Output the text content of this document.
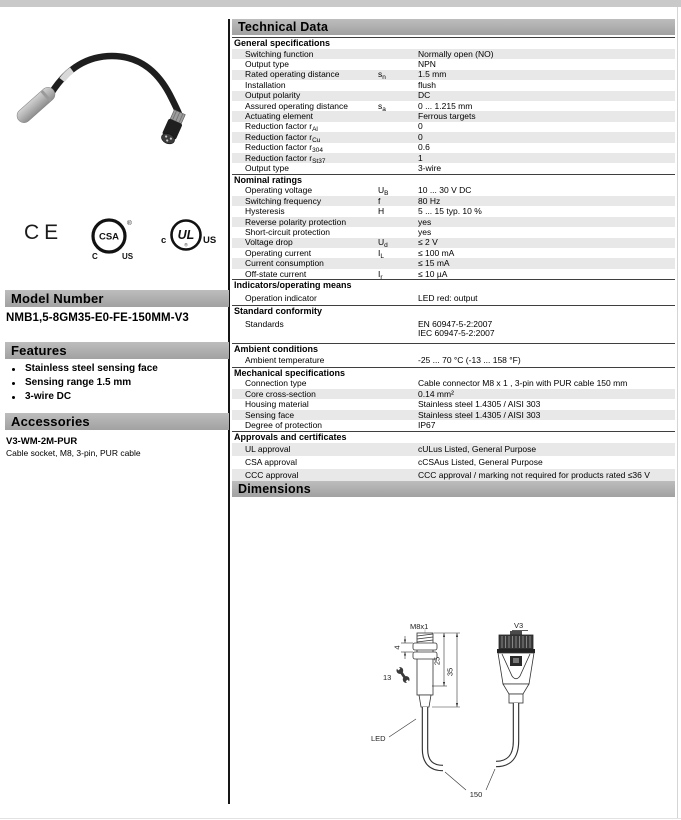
CE	CSA
®
C	US
UL
®
c	US
Model Number
NMB1,5-8GM35-E0-FE-150MM-V3
Features
Stainless steel sensing face
Sensing range 1.5 mm
3-wire DC
Accessories
V3-WM-2M-PUR
Cable socket, M8, 3-pin, PUR cable
Technical Data
General specifications
Switching function	Normally open (NO)
Output type	NPN
Rated operating distance	$s_n$	1.5 mm
Installation	flush
Output polarity	DC
Assured operating distance	$s_a$	0 ... 1.215 mm
Actuating element	Ferrous targets
Reduction factor $r_{Al}$	0
Reduction factor $r_{Cu}$	0
Reduction factor $r_{304}$	0.6
Reduction factor $r_{St37}$	1
Output type	3-wire
Nominal ratings
Operating voltage	$U_B$	10 ... 30 V DC
Switching frequency	f	80 Hz
Hysteresis	H	5 ... 15 typ. 10 %
Reverse polarity protection	yes
Short-circuit protection	yes
Voltage drop	$U_d$	≤ 2 V
Operating current	$I_L$	≤ 100 mA
Current consumption	≤ 15 mA
Off-state current	$I_r$	≤ 10 µA
Indicators/operating means
Operation indicator	LED red: output
Standard conformity
Standards	EN 60947-5-2:2007
IEC 60947-5-2:2007
Ambient conditions
Ambient temperature	-25 ... 70 °C (-13 ... 158 °F)
Mechanical specifications
Connection type	Cable connector M8 x 1 , 3-pin with PUR cable 150 mm
Core cross-section	0.14 mm²
Housing material	Stainless steel 1.4305 / AISI 303
Sensing face	Stainless steel 1.4305 / AISI 303
Degree of protection	IP67
Approvals and certificates
UL approval	cULus Listed, General Purpose
CSA approval	cCSAus Listed, General Purpose
CCC approval	CCC approval / marking not required for products rated ≤36 V
Dimensions
M8x1	V3
4
13
25
35
LED
150
